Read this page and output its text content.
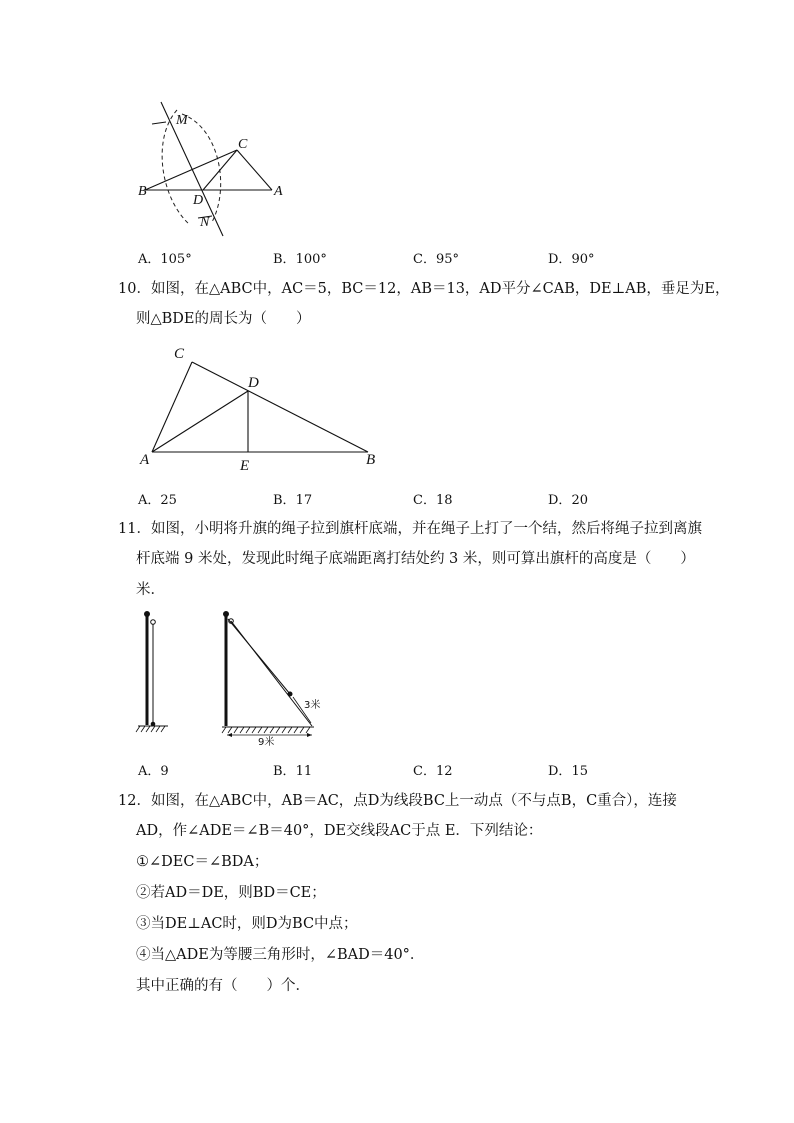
M
C
B	A
D
N
A．105°	B．100°	C．95°	D．90°
10．如图，在△ABC中，AC＝5，BC＝12，AB＝13，AD平分∠CAB，DE⊥AB，垂足为E，
则△BDE的周长为（　　）
C
D
A	E	B
A．25	B．17	C．18	D．20
11．如图，小明将升旗的绳子拉到旗杆底端，并在绳子上打了一个结，然后将绳子拉到离旗
杆底端 9 米处，发现此时绳子底端距离打结处约 3 米，则可算出旗杆的高度是（　　）
米．
3米
9米
A．9	B．11	C．12	D．15
12．如图，在△ABC中，AB＝AC，点D为线段BC上一动点（不与点B，C重合），连接
AD，作∠ADE＝∠B＝40°，DE交线段AC于点 E．下列结论：
①∠DEC＝∠BDA；
②若AD＝DE，则BD＝CE；
③当DE⊥AC时，则D为BC中点；
④当△ADE为等腰三角形时，∠BAD＝40°．
其中正确的有（　　）个．
